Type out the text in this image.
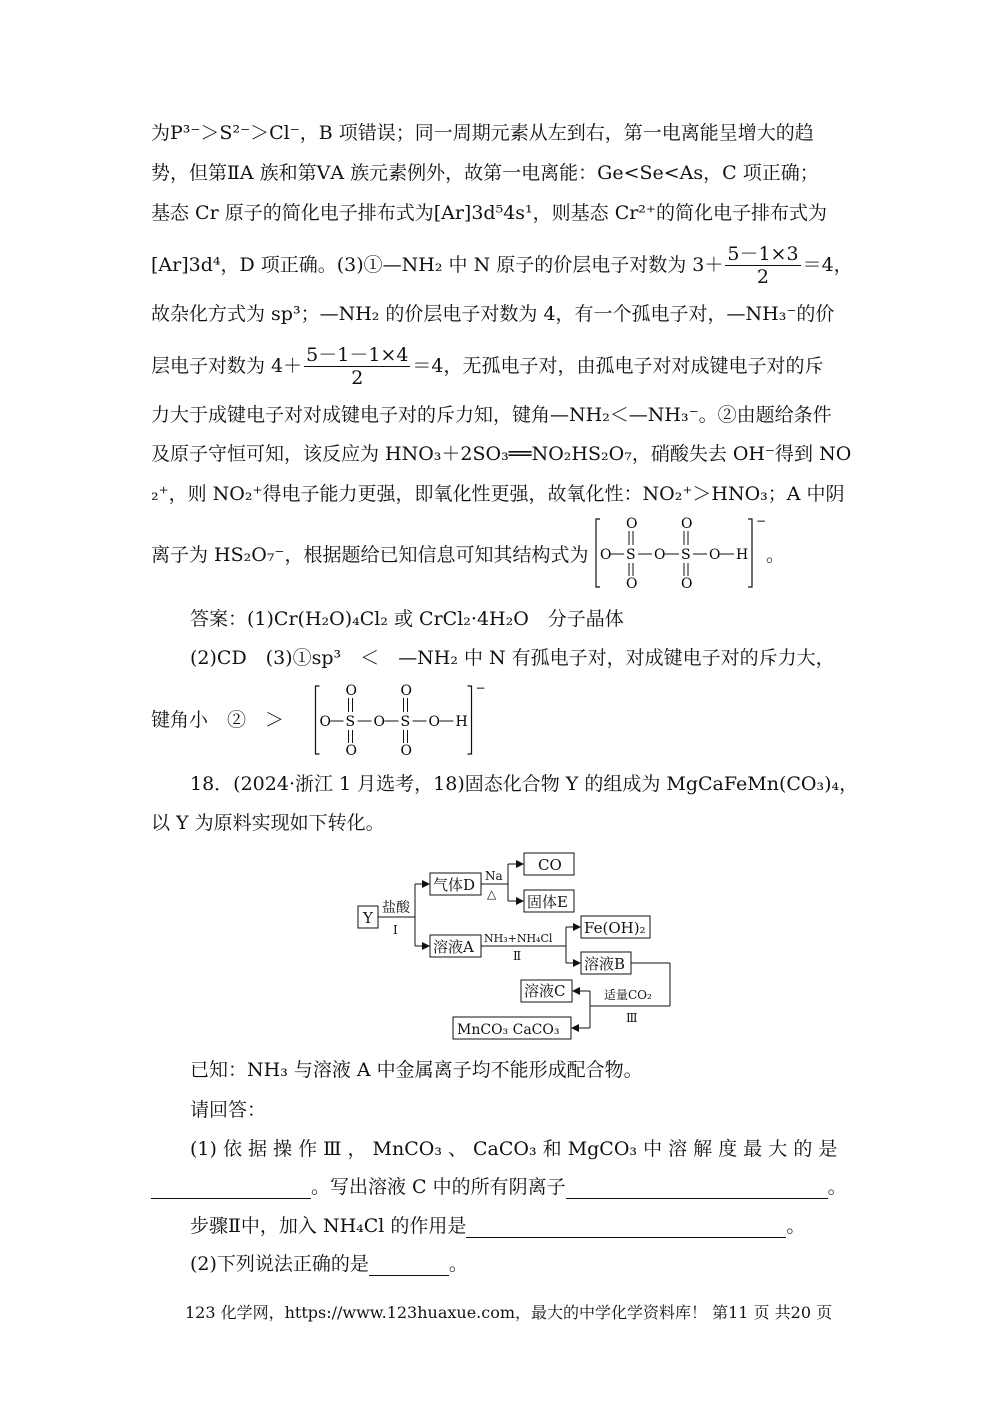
为P³⁻＞S²⁻＞Cl⁻，B 项错误；同一周期元素从左到右，第一电离能呈增大的趋
势，但第ⅡA 族和第ⅤA 族元素例外，故第一电离能：Ge<Se<As，C 项正确；
基态 Cr 原子的简化电子排布式为[Ar]3d⁵4s¹，则基态 Cr²⁺的简化电子排布式为
[Ar]3d⁴，D 项正确。(3)①—NH₂ 中 N 原子的价层电子对数为 $3+ \frac{5-1\times 3}{2} =4$，
故杂化方式为 sp³；—NH₂ 的价层电子对数为 4，有一个孤电子对，—NH₃⁻的价
层电子对数为 $4+ \frac{5-1-1\times 4}{2} =4$，无孤电子对，由孤电子对对成键电子对的斥
力大于成键电子对对成键电子对的斥力知，键角—NH₂＜—NH₃⁻。②由题给条件
及原子守恒可知，该反应为 HNO₃＋2SO₃══NO₂HS₂O₇，硝酸失去 OH⁻得到 NO
₂⁺，则 NO₂⁺得电子能力更强，即氧化性更强，故氧化性：NO₂⁺＞HNO₃；A 中阴
离子为 HS₂O₇⁻，根据题给已知信息可知其结构式为
−
O S
O
O
O S
O
O
O H 。
答案：(1)Cr(H₂O)₄Cl₂ 或 CrCl₂·4H₂O　分子晶体
(2)CD　(3)①sp³　＜　—NH₂ 中 N 有孤电子对，对成键电子对的斥力大，
键角小　②　＞
−
O S
O
O
O S
O
O
O H
18．(2024·浙江 1 月选考，18)固态化合物 Y 的组成为 MgCaFeMn(CO₃)₄，
以 Y 为原料实现如下转化。
Y
盐酸
Ⅰ
气体D Na
△
CO
固体E
溶液A NH₃+NH₄Cl
Ⅱ
Fe(OH)₂
溶液B
溶液C	适量CO₂
Ⅲ
MnCO₃ CaCO₃
已知：NH₃ 与溶液 A 中金属离子均不能形成配合物。
请回答：
(1) 依 据 操 作 Ⅲ ， MnCO₃ 、 CaCO₃ 和 MgCO₃ 中 溶 解 度 最 大 的 是
。写出溶液 C 中的所有阴离子	。
步骤Ⅱ中，加入 NH₄Cl 的作用是	。
(2)下列说法正确的是	。
123 化学网，https://www.123huaxue.com，最大的中学化学资料库！ 第11 页 共20 页
